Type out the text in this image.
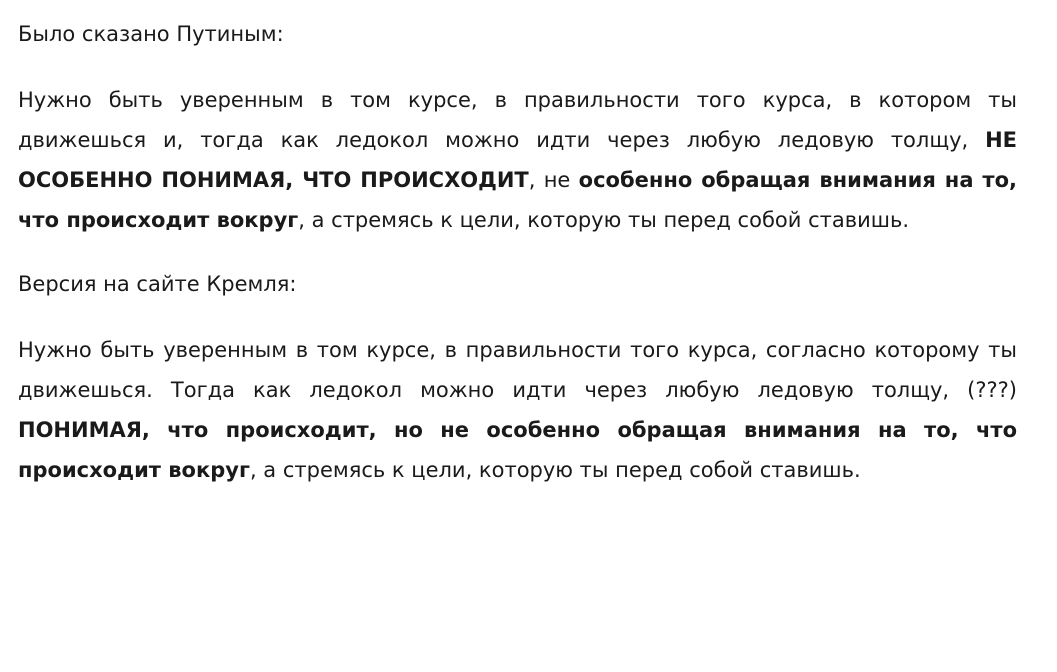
Было сказано Путиным:

Нужно быть уверенным в том курсе, в правильности того курса, в котором ты движешься и, тогда как ледокол можно идти через любую ледовую толщу, НЕ ОСОБЕННО ПОНИМАЯ, ЧТО ПРОИСХОДИТ, не особенно обращая внимания на то, что происходит вокруг, а стремясь к цели, которую ты перед собой ставишь.

Версия на сайте Кремля:

Нужно быть уверенным в том курсе, в правильности того курса, согласно которому ты движешься. Тогда как ледокол можно идти через любую ледовую толщу, (???) ПОНИМАЯ, что происходит, но не особенно обращая внимания на то, что происходит вокруг, а стремясь к цели, которую ты перед собой ставишь.
